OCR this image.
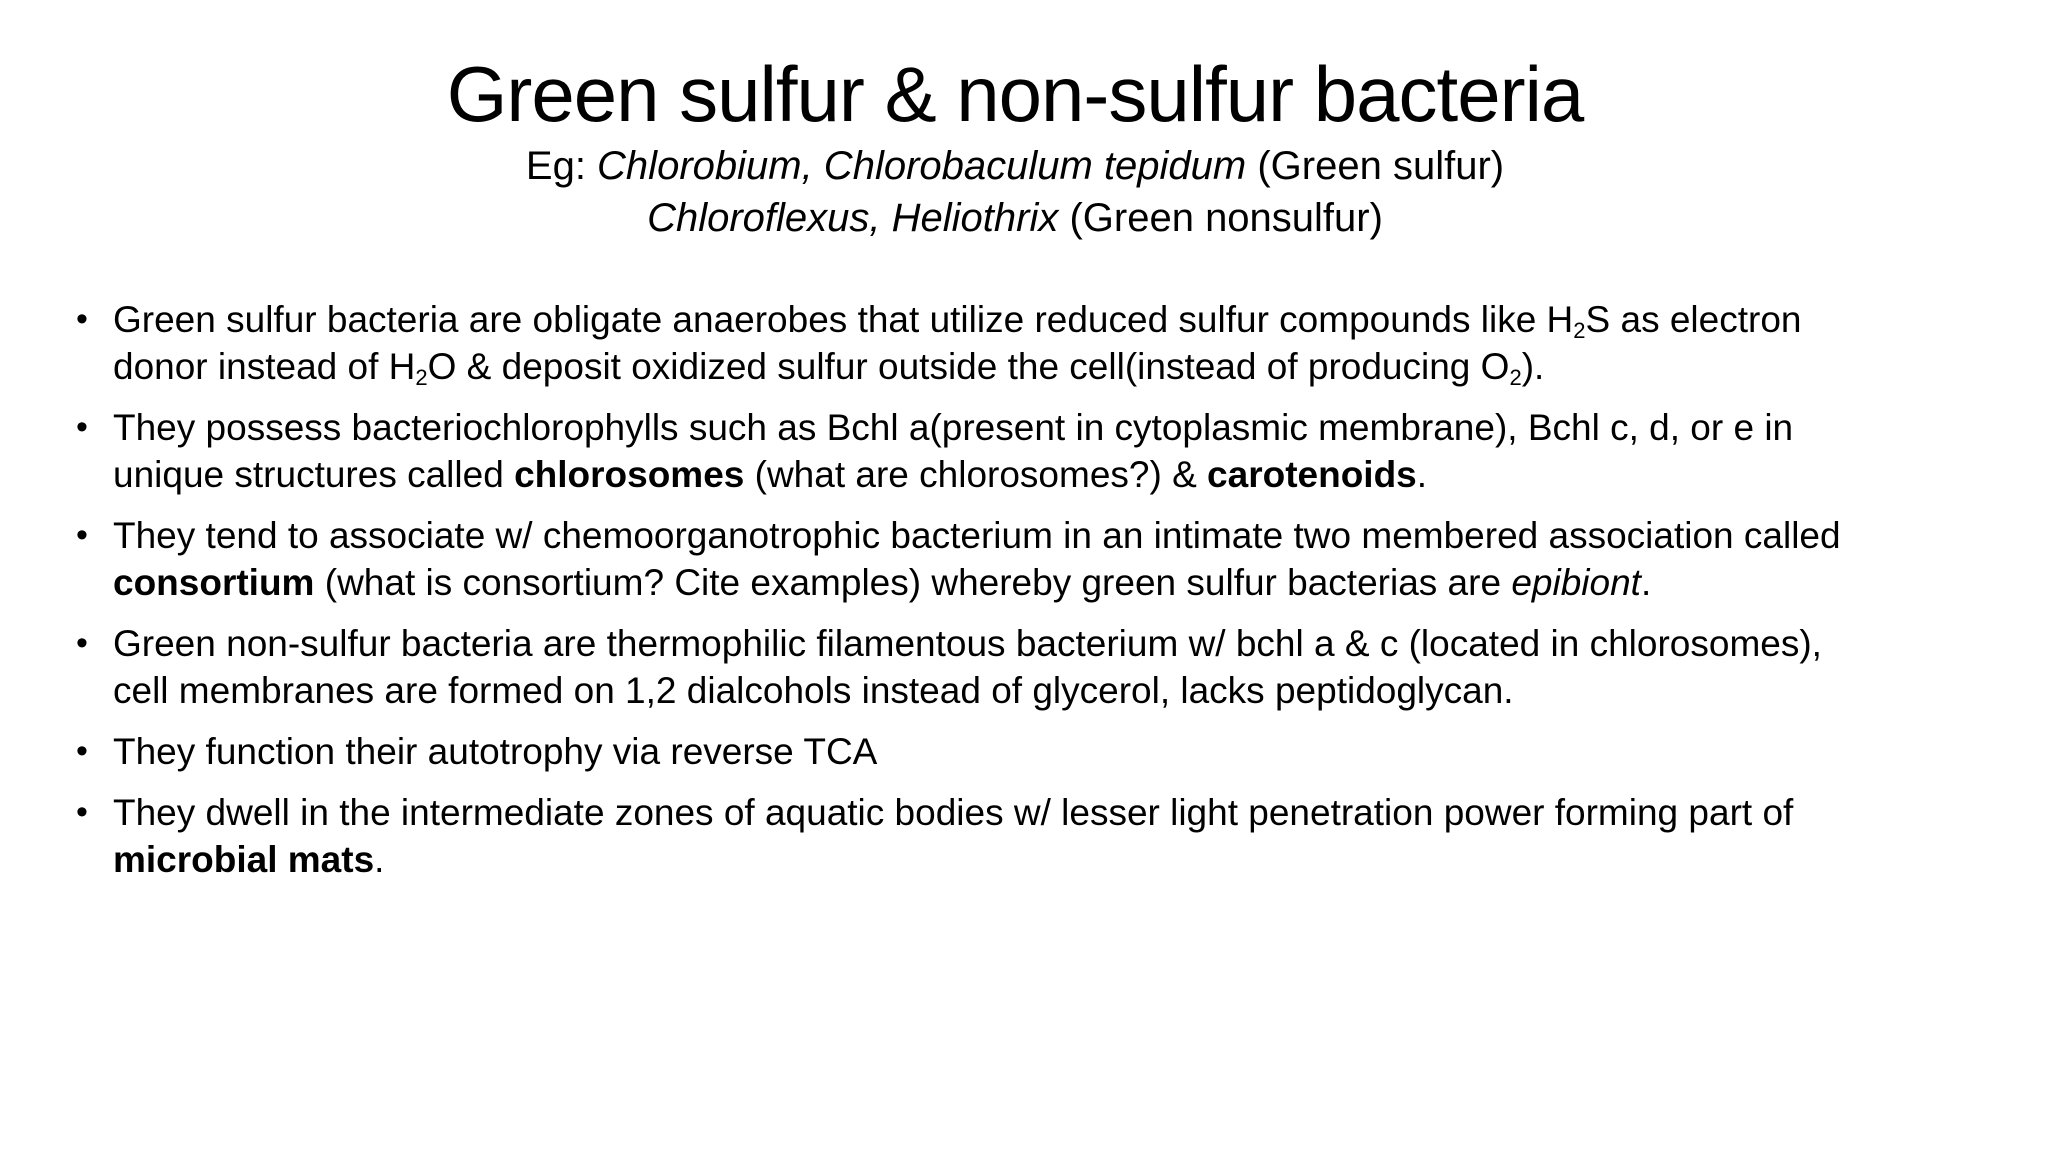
Green sulfur & non-sulfur bacteria

Eg: Chlorobium, Chlorobaculum tepidum (Green sulfur)

Chloroflexus, Heliothrix (Green nonsulfur)

• Green sulfur bacteria are obligate anaerobes that utilize reduced sulfur compounds like $H_2S$ as electron donor instead of $H_2O$ & deposit oxidized sulfur outside the cell(instead of producing $O_2$).
• They possess bacteriochlorophylls such as Bchl a(present in cytoplasmic membrane), Bchl c, d, or e in unique structures called chlorosomes (what are chlorosomes?) & carotenoids.
• They tend to associate w/ chemoorganotrophic bacterium in an intimate two membered association called consortium (what is consortium? Cite examples) whereby green sulfur bacterias are epibiont.
• Green non-sulfur bacteria are thermophilic filamentous bacterium w/ bchl a & c (located in chlorosomes), cell membranes are formed on 1,2 dialcohols instead of glycerol, lacks peptidoglycan.
• They function their autotrophy via reverse TCA
• They dwell in the intermediate zones of aquatic bodies w/ lesser light penetration power forming part of microbial mats.
